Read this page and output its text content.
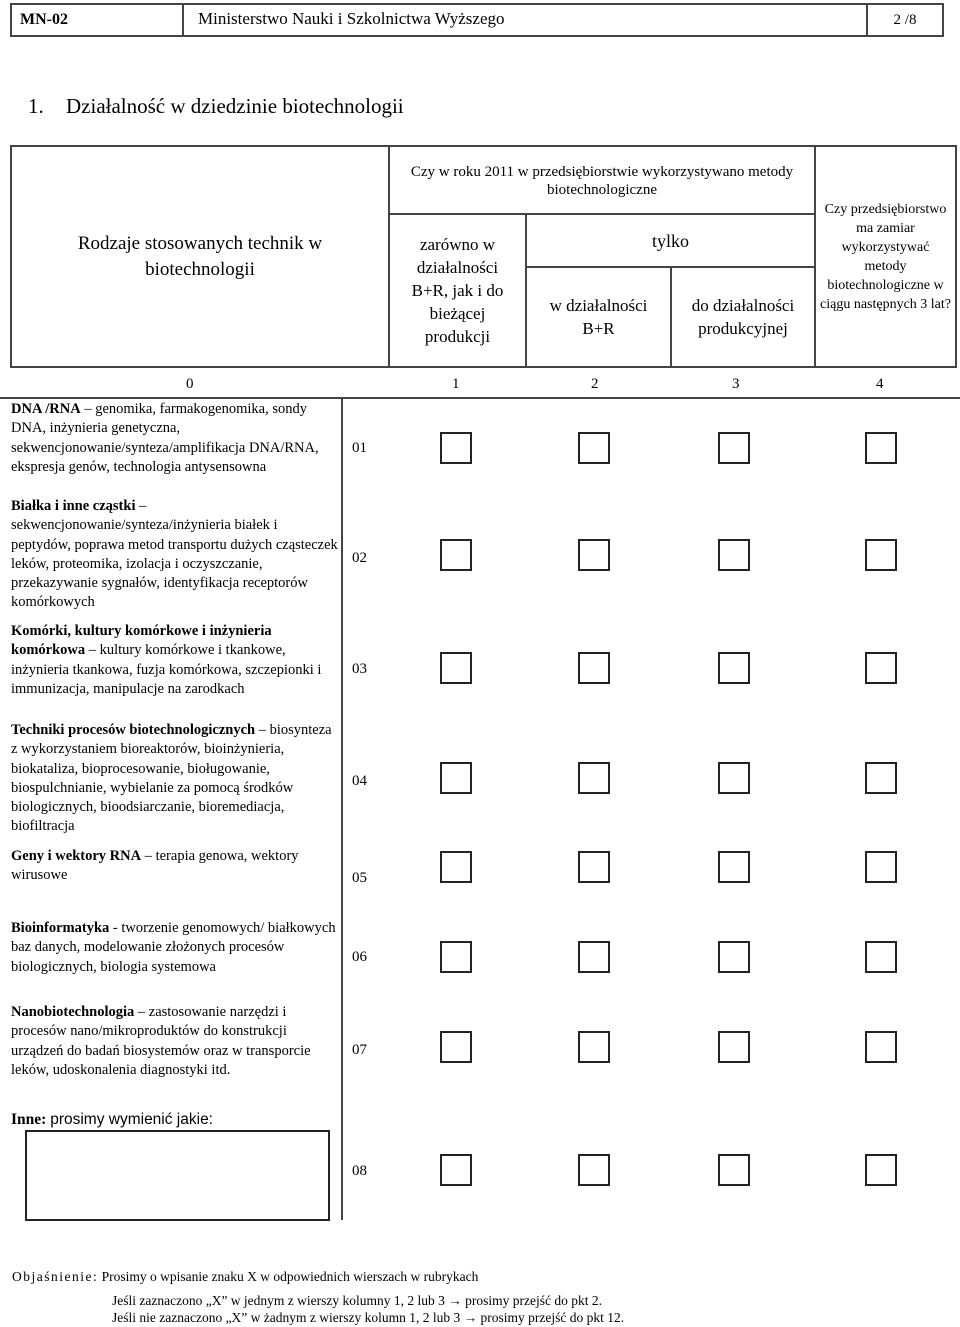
MN-02	Ministerstwo Nauki i Szkolnictwa Wyższego	2 /8
1. Działalność w dziedzinie biotechnologii
Rodzaje stosowanych technik w biotechnologii
Czy w roku 2011 w przedsiębiorstwie wykorzystywano metody biotechnologiczne
zarówno w działalności B+R, jak i do bieżącej produkcji
tylko
w działalności B+R
do działalności produkcyjnej
Czy przedsiębiorstwo ma zamiar wykorzystywać metody biotechnologiczne w ciągu następnych 3 lat?
0	1	2	3	4
DNA /RNA – genomika, farmakogenomika, sondy DNA, inżynieria genetyczna, sekwencjonowanie/synteza/amplifikacja DNA/RNA, ekspresja genów, technologia antysensowna
01
Białka i inne cząstki – sekwencjonowanie/synteza/inżynieria białek i peptydów, poprawa metod transportu dużych cząsteczek leków, proteomika, izolacja i oczyszczanie, przekazywanie sygnałów, identyfikacja receptorów komórkowych
02
Komórki, kultury komórkowe i inżynieria komórkowa – kultury komórkowe i tkankowe, inżynieria tkankowa, fuzja komórkowa, szczepionki i immunizacja, manipulacje na zarodkach
03
Techniki procesów biotechnologicznych – biosynteza z wykorzystaniem bioreaktorów, bioinżynieria, biokataliza, bioprocesowanie, bioługowanie, biospulchnianie, wybielanie za pomocą środków biologicznych, bioodsiarczanie, bioremediacja, biofiltracja
04
Geny i wektory RNA – terapia genowa, wektory wirusowe	05
Bioinformatyka - tworzenie genomowych/ białkowych baz danych, modelowanie złożonych procesów biologicznych, biologia systemowa
06
Nanobiotechnologia – zastosowanie narzędzi i procesów nano/mikroproduktów do konstrukcji urządzeń do badań biosystemów oraz w transporcie leków, udoskonalenia diagnostyki itd.
07
Inne: prosimy wymienić jakie:
08
Objaśnienie: Prosimy o wpisanie znaku X w odpowiednich wierszach w rubrykach
Jeśli zaznaczono „X” w jednym z wierszy kolumny 1, 2 lub 3 → prosimy przejść do pkt 2.
Jeśli nie zaznaczono „X” w żadnym z wierszy kolumn 1, 2 lub 3 → prosimy przejść do pkt 12.
